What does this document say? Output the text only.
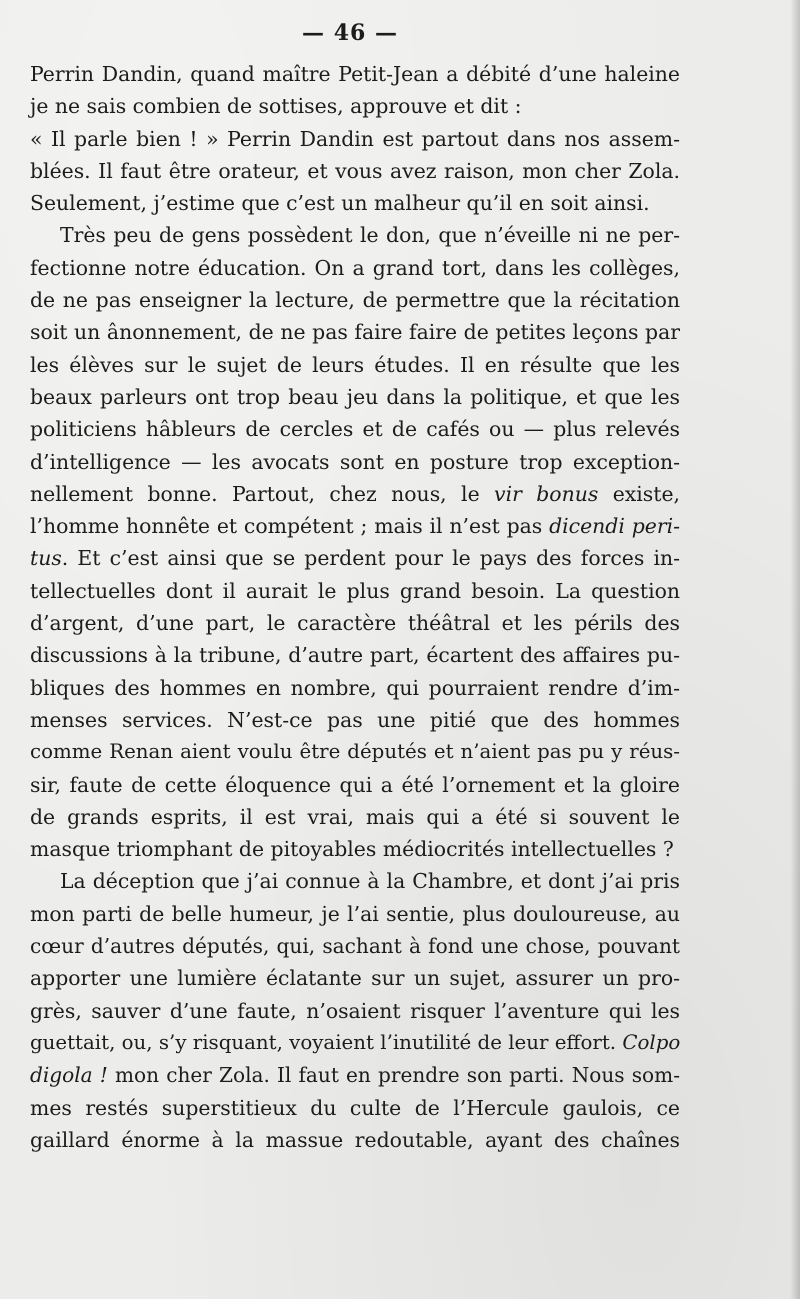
— 46 —
Perrin Dandin, quand maître Petit-Jean a débité d’une haleine
je ne sais combien de sottises, approuve et dit :
« Il parle bien ! » Perrin Dandin est partout dans nos assem-
blées. Il faut être orateur, et vous avez raison, mon cher Zola.
Seulement, j’estime que c’est un malheur qu’il en soit ainsi.
Très peu de gens possèdent le don, que n’éveille ni ne per-
fectionne notre éducation. On a grand tort, dans les collèges,
de ne pas enseigner la lecture, de permettre que la récitation
soit un ânonnement, de ne pas faire faire de petites leçons par
les élèves sur le sujet de leurs études. Il en résulte que les
beaux parleurs ont trop beau jeu dans la politique, et que les
politiciens hâbleurs de cercles et de cafés ou — plus relevés
d’intelligence — les avocats sont en posture trop exception-
nellement bonne. Partout, chez nous, le vir bonus existe,
l’homme honnête et compétent ; mais il n’est pas dicendi peri-
tus. Et c’est ainsi que se perdent pour le pays des forces in-
tellectuelles dont il aurait le plus grand besoin. La question
d’argent, d’une part, le caractère théâtral et les périls des
discussions à la tribune, d’autre part, écartent des affaires pu-
bliques des hommes en nombre, qui pourraient rendre d’im-
menses services. N’est-ce pas une pitié que des hommes
comme Renan aient voulu être députés et n’aient pas pu y réus-
sir, faute de cette éloquence qui a été l’ornement et la gloire
de grands esprits, il est vrai, mais qui a été si souvent le
masque triomphant de pitoyables médiocrités intellectuelles ?
La déception que j’ai connue à la Chambre, et dont j’ai pris
mon parti de belle humeur, je l’ai sentie, plus douloureuse, au
cœur d’autres députés, qui, sachant à fond une chose, pouvant
apporter une lumière éclatante sur un sujet, assurer un pro-
grès, sauver d’une faute, n’osaient risquer l’aventure qui les
guettait, ou, s’y risquant, voyaient l’inutilité de leur effort. Colpo
digola ! mon cher Zola. Il faut en prendre son parti. Nous som-
mes restés superstitieux du culte de l’Hercule gaulois, ce
gaillard énorme à la massue redoutable, ayant des chaînes
